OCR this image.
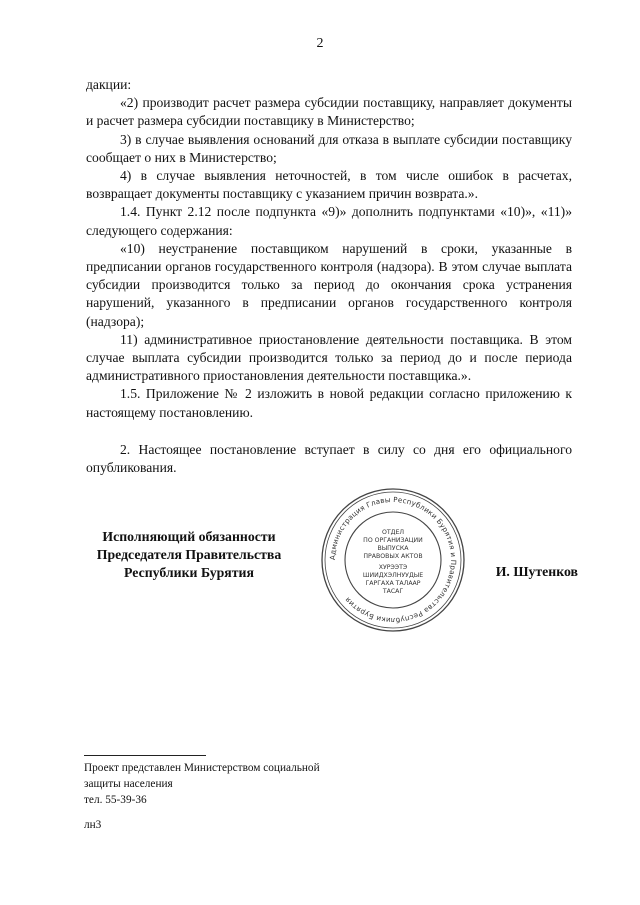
2

дакции:

«2) производит расчет размера субсидии поставщику, направляет документы и расчет размера субсидии поставщику в Министерство;

3) в случае выявления оснований для отказа в выплате субсидии поставщику сообщает о них в Министерство;

4) в случае выявления неточностей, в том числе ошибок в расчетах, возвращает документы поставщику с указанием причин возврата.».

1.4. Пункт 2.12 после подпункта «9)» дополнить подпунктами «10)», «11)» следующего содержания:

«10) неустранение поставщиком нарушений в сроки, указанные в предписании органов государственного контроля (надзора). В этом случае выплата субсидии производится только за период до окончания срока устранения нарушений, указанного в предписании органов государственного контроля (надзора);

11) административное приостановление деятельности поставщика. В этом случае выплата субсидии производится только за период до и после периода административного приостановления деятельности поставщика.».

1.5. Приложение № 2 изложить в новой редакции согласно приложению к настоящему постановлению.

2. Настоящее постановление вступает в силу со дня его официального опубликования.

Исполняющий обязанности
Председателя Правительства
Республики Бурятия
Администрация Главы Республики Бурятия и Правительства Республики Бурятия
ОТДЕЛ
ПО ОРГАНИЗАЦИИ
ВЫПУСКА
ПРАВОВЫХ АКТОВ
ХУРЭЭТЭ
ШИИДХЭЛНУУДЫЕ
ГАРГАХА ТАЛААР
ТАСАГ
И. Шутенков
Проект представлен Министерством социальной
защиты населения
тел. 55-39-36
лн3
